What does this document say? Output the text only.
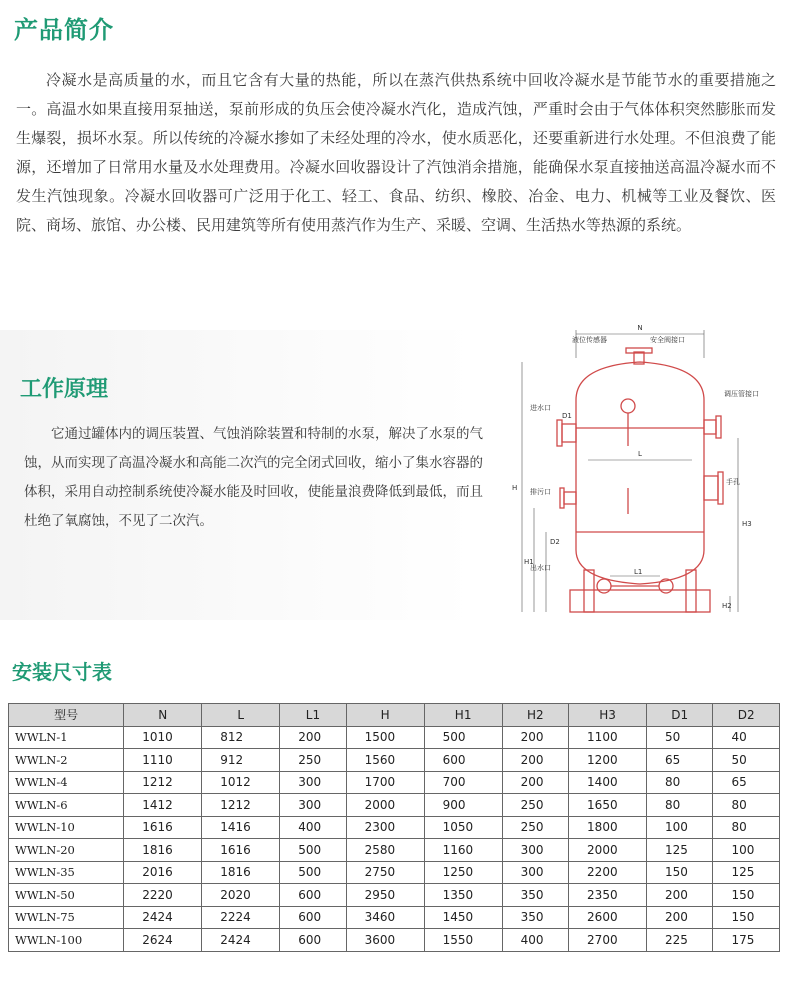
产品简介

冷凝水是高质量的水，而且它含有大量的热能，所以在蒸汽供热系统中回收冷凝水是节能节水的重要措施之一。高温水如果直接用泵抽送，泵前形成的负压会使冷凝水汽化，造成汽蚀，严重时会由于气体体积突然膨胀而发生爆裂，损坏水泵。所以传统的冷凝水掺如了未经处理的冷水，使水质恶化，还要重新进行水处理。不但浪费了能源，还增加了日常用水量及水处理费用。冷凝水回收器设计了汽蚀消余措施，能确保水泵直接抽送高温冷凝水而不发生汽蚀现象。冷凝水回收器可广泛用于化工、轻工、食品、纺织、橡胶、冶金、电力、机械等工业及餐饮、医院、商场、旅馆、办公楼、民用建筑等所有使用蒸汽作为生产、采暖、空调、生活热水等热源的系统。

工作原理

它通过罐体内的调压装置、气蚀消除装置和特制的水泵，解决了水泵的气蚀，从而实现了高温冷凝水和高能二次汽的完全闭式回收，缩小了集水容器的体积，采用自动控制系统使冷凝水能及时回收，使能量浪费降低到最低，而且杜绝了氧腐蚀，不见了二次汽。

N
液位传感器	安全阀接口
调压管接口
进水口
手孔
排污口
出水口
D1
D2
L
L1
H
H1
H2
H3
安装尺寸表
型号	N	L	L1	H	H1	H2	H3	D1	D2
WWLN-1	1010	812	200	1500	500	200	1100	50	40
WWLN-2	1110	912	250	1560	600	200	1200	65	50
WWLN-4	1212	1012	300	1700	700	200	1400	80	65
WWLN-6	1412	1212	300	2000	900	250	1650	80	80
WWLN-10	1616	1416	400	2300	1050	250	1800	100	80
WWLN-20	1816	1616	500	2580	1160	300	2000	125	100
WWLN-35	2016	1816	500	2750	1250	300	2200	150	125
WWLN-50	2220	2020	600	2950	1350	350	2350	200	150
WWLN-75	2424	2224	600	3460	1450	350	2600	200	150
WWLN-100	2624	2424	600	3600	1550	400	2700	225	175
